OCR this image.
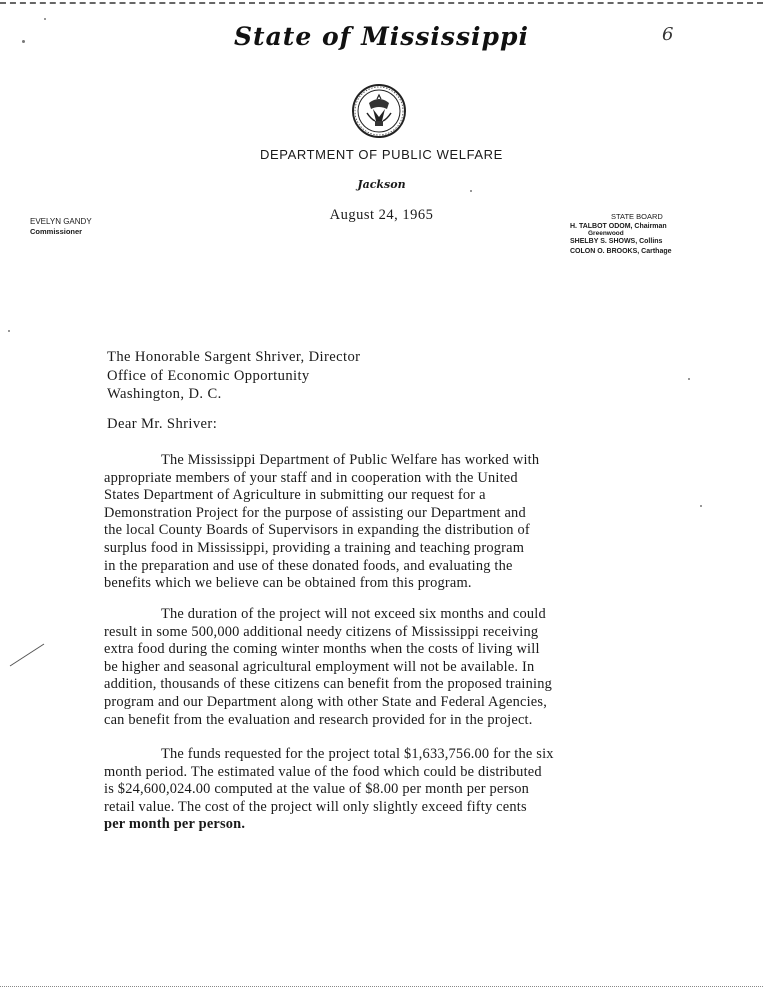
6
State of Mississippi
DEPARTMENT OF PUBLIC WELFARE
Jackson
August 24, 1965
EVELYN GANDY
Commissioner
STATE BOARD
H. TALBOT ODOM, Chairman
Greenwood
SHELBY S. SHOWS, Collins
COLON O. BROOKS, Carthage
The Honorable Sargent Shriver, Director
Office of Economic Opportunity
Washington, D. C.
Dear Mr. Shriver:
The Mississippi Department of Public Welfare has worked with
appropriate members of your staff and in cooperation with the United
States Department of Agriculture in submitting our request for a
Demonstration Project for the purpose of assisting our Department and
the local County Boards of Supervisors in expanding the distribution of
surplus food in Mississippi, providing a training and teaching program
in the preparation and use of these donated foods, and evaluating the
benefits which we believe can be obtained from this program.
The duration of the project will not exceed six months and could
result in some 500,000 additional needy citizens of Mississippi receiving
extra food during the coming winter months when the costs of living will
be higher and seasonal agricultural employment will not be available. In
addition, thousands of these citizens can benefit from the proposed training
program and our Department along with other State and Federal Agencies,
can benefit from the evaluation and research provided for in the project.
The funds requested for the project total $1,633,756.00 for the six
month period. The estimated value of the food which could be distributed
is $24,600,024.00 computed at the value of $8.00 per month per person
retail value. The cost of the project will only slightly exceed fifty cents
per month per person.
